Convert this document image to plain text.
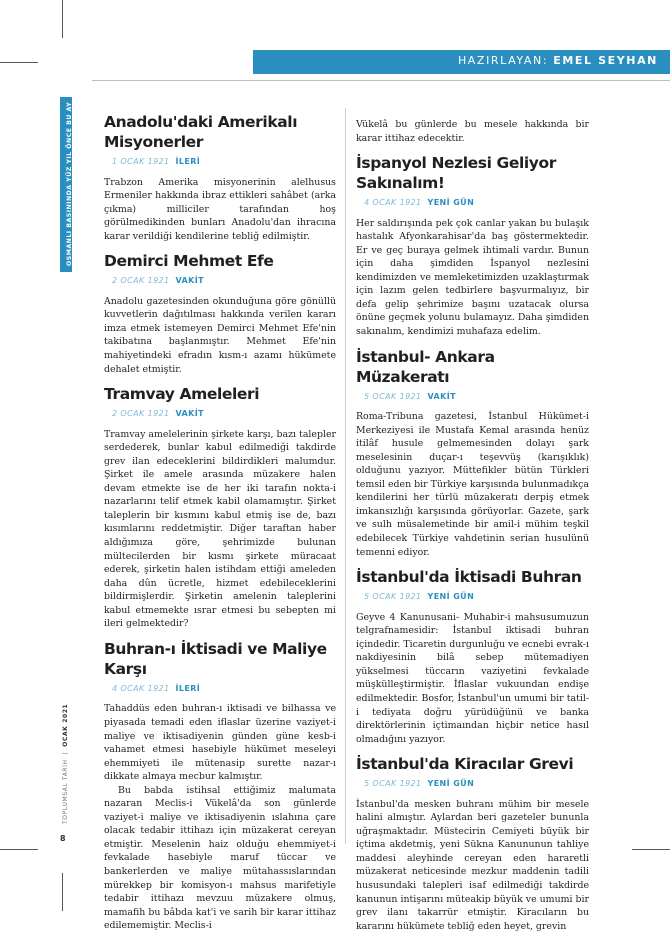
HAZIRLAYAN: EMEL SEYHAN
OSMANLI BASININDA YÜZ YIL ÖNCE BU AY
TOPLUMSAL TARİH  |  OCAK 2021
8
Anadolu'daki Amerikalı Misyonerler
1 OCAK 1921 İLERİ

Trabzon Amerika misyonerinin alelhusus Ermeniler hakkında ibraz ettikleri sahâbet (arka çıkma) milliciler tarafından hoş görülmedikinden bunları Anadolu'dan ihracına karar verildiği kendilerine tebliğ edilmiştir.

Demirci Mehmet Efe
2 OCAK 1921 VAKİT

Anadolu gazetesinden okunduğuna göre gönüllü kuvvetlerin dağıtılması hakkında verilen kararı imza etmek istemeyen Demirci Mehmet Efe'nin takibatına başlanmıştır. Mehmet Efe'nin mahiyetindeki efradın kısm-ı azamı hükümete dehalet etmiştir.

Tramvay Ameleleri
2 OCAK 1921 VAKİT

Tramvay amelelerinin şirkete karşı, bazı talepler serdederek, bunlar kabul edilmediği takdirde grev ilan edeceklerini bildirdikleri malumdur. Şirket ile amele arasında müzakere halen devam etmekte ise de her iki tarafın nokta-i nazarlarını telif etmek kabil olamamıştır. Şirket taleplerin bir kısmını kabul etmiş ise de, bazı kısımlarını reddetmiştir. Diğer taraftan haber aldığımıza göre, şehrimizde bulunan mültecilerden bir kısmı şirkete müracaat ederek, şirketin halen istihdam ettiği ameleden daha dûn ücretle, hizmet edebileceklerini bildirmişlerdir. Şirketin amelenin taleplerini kabul etmemekte ısrar etmesi bu sebepten mi ileri gelmektedir?

Buhran-ı İktisadi ve Maliye Karşı
4 OCAK 1921 İLERİ

Tahaddüs eden buhran-ı iktisadi ve bilhassa ve piyasada temadi eden iflaslar üzerine vaziyet-i maliye ve iktisadiyenin günden güne kesb-i vahamet etmesi hasebiyle hükümet meseleyi ehemmiyeti ile mütenasip surette nazar-ı dikkate almaya mecbur kalmıştır.

Bu babda istihsal ettiğimiz malumata nazaran Meclis-i Vükelâ'da son günlerde vaziyet-i maliye ve iktisadiyenin ıslahına çare olacak tedabir ittihazı için müzakerat cereyan etmiştir. Meselenin haiz olduğu ehemmiyet-i fevkalade hasebiyle maruf tüccar ve bankerlerden ve maliye mütahassıslarından mürekkep bir komisyon-ı mahsus marifetiyle tedabir ittihazı mevzuu müzakere olmuş, mamafih bu bâbda kat'i ve sarih bir karar ittihaz edilememiştir. Meclis-i

Vükelâ bu günlerde bu mesele hakkında bir karar ittihaz edecektir.

İspanyol Nezlesi Geliyor Sakınalım!
4 OCAK 1921 YENİ GÜN

Her saldırışında pek çok canlar yakan bu bulaşık hastalık Afyonkarahisar'da baş göstermektedir. Er ve geç buraya gelmek ihtimali vardır. Bunun için daha şimdiden İspanyol nezlesini kendimizden ve memleketimizden uzaklaştırmak için lazım gelen tedbirlere başvurmalıyız, bir defa gelip şehrimize başını uzatacak olursa önüne geçmek yolunu bulamayız. Daha şimdiden sakınalım, kendimizi muhafaza edelim.

İstanbul- Ankara Müzakeratı
5 OCAK 1921 VAKİT

Roma-Tribuna gazetesi, İstanbul Hükümet-i Merkeziyesi ile Mustafa Kemal arasında henüz itilâf husule gelmemesinden dolayı şark meselesinin duçar-ı teşevvüş (karışıklık) olduğunu yazıyor. Müttefikler bütün Türkleri temsil eden bir Türkiye karşısında bulunmadıkça kendilerini her türlü müzakeratı derpiş etmek imkansızlığı karşısında görüyorlar. Gazete, şark ve sulh müsalemetinde bir amil-i mühim teşkil edebilecek Türkiye vahdetinin serian husulünü temenni ediyor.

İstanbul'da İktisadi Buhran
5 OCAK 1921 YENİ GÜN

Geyve 4 Kanunusani- Muhabir-i mahsusumuzun telgrafnamesidir: İstanbul iktisadi buhran içindedir. Ticaretin durgunluğu ve ecnebi evrak-ı nakdiyesinin bilâ sebep mütemadiyen yükselmesi tüccarın vaziyetini fevkalade müşkülleştirmiştir. İflaslar vukuundan endişe edilmektedir. Bosfor, İstanbul'un umumi bir tatil-i tediyata doğru yürüdüğünü ve banka direktörlerinin içtimaından hiçbir netice hasıl olmadığını yazıyor.

İstanbul'da Kiracılar Grevi
5 OCAK 1921 YENİ GÜN

İstanbul'da mesken buhranı mühim bir mesele halini almıştır. Aylardan beri gazeteler bununla uğraşmaktadır. Müstecirin Cemiyeti büyük bir içtima akdetmiş, yeni Sükna Kanununun tahliye maddesi aleyhinde cereyan eden hararetli müzakerat neticesinde mezkur maddenin tadili hususundaki talepleri isaf edilmediği takdirde kanunun intişarını müteakip büyük ve umumi bir grev ilanı takarrür etmiştir. Kiracıların bu kararını hükümete tebliğ eden heyet, grevin
